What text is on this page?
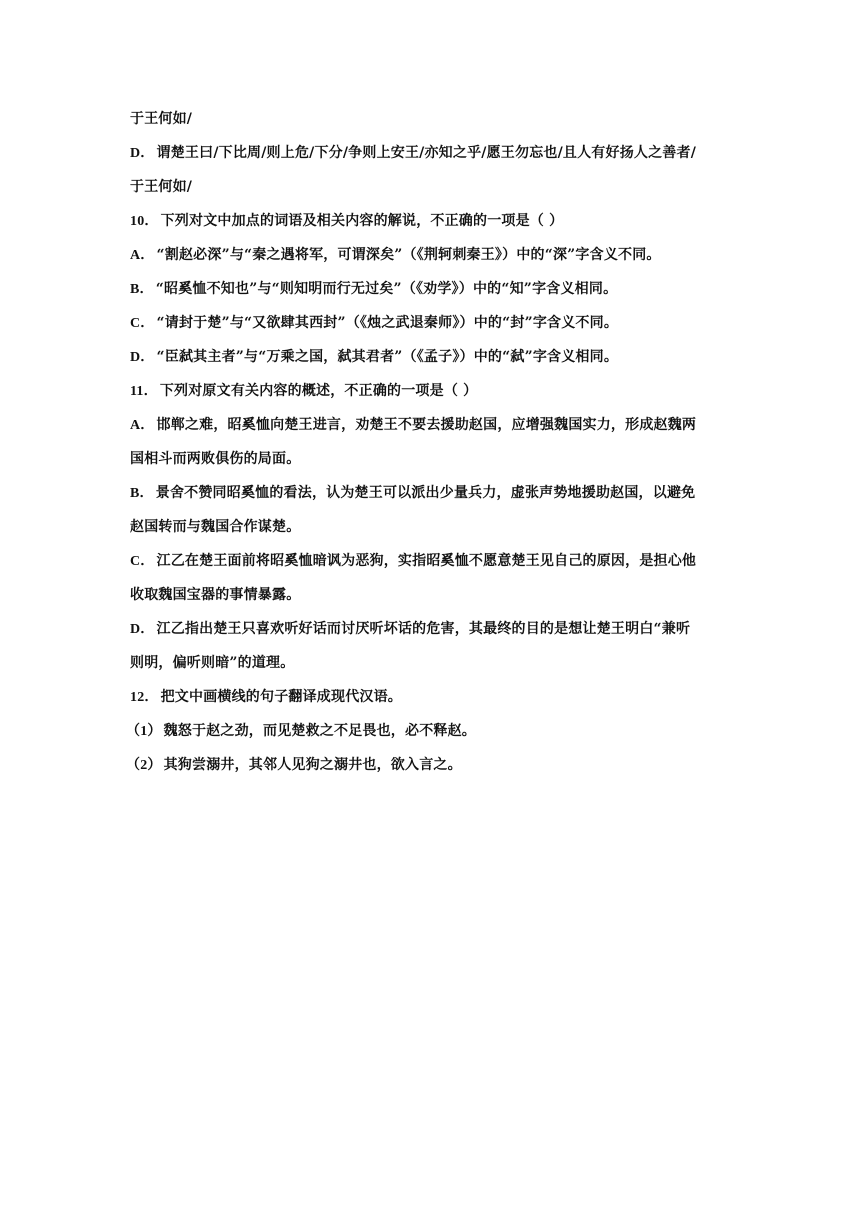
于王何如/
D． 谓楚王曰/下比周/则上危/下分/争则上安王/亦知之乎/愿王勿忘也/且人有好扬人之善者/
于王何如/
10． 下列对文中加点的词语及相关内容的解说，不正确的一项是（ ）
A． “割赵必深”与“秦之遇将军，可谓深矣”（《荆轲刺秦王》）中的“深”字含义不同。
B． “昭奚恤不知也”与“则知明而行无过矣”（《劝学》）中的“知”字含义相同。
C． “请封于楚”与“又欲肆其西封”（《烛之武退秦师》）中的“封”字含义不同。
D． “臣弑其主者”与“万乘之国，弑其君者”（《孟子》）中的“弑”字含义相同。
11． 下列对原文有关内容的概述，不正确的一项是（ ）
A． 邯郸之难，昭奚恤向楚王进言，劝楚王不要去援助赵国，应增强魏国实力，形成赵魏两
国相斗而两败俱伤的局面。
B． 景舍不赞同昭奚恤的看法，认为楚王可以派出少量兵力，虚张声势地援助赵国，以避免
赵国转而与魏国合作谋楚。
C． 江乙在楚王面前将昭奚恤暗讽为恶狗，实指昭奚恤不愿意楚王见自己的原因，是担心他
收取魏国宝器的事情暴露。
D． 江乙指出楚王只喜欢听好话而讨厌听坏话的危害，其最终的目的是想让楚王明白“兼听
则明，偏听则暗”的道理。
12． 把文中画横线的句子翻译成现代汉语。
（1） 魏怒于赵之劲，而见楚救之不足畏也，必不释赵。
（2） 其狗尝溺井，其邻人见狗之溺井也，欲入言之。
